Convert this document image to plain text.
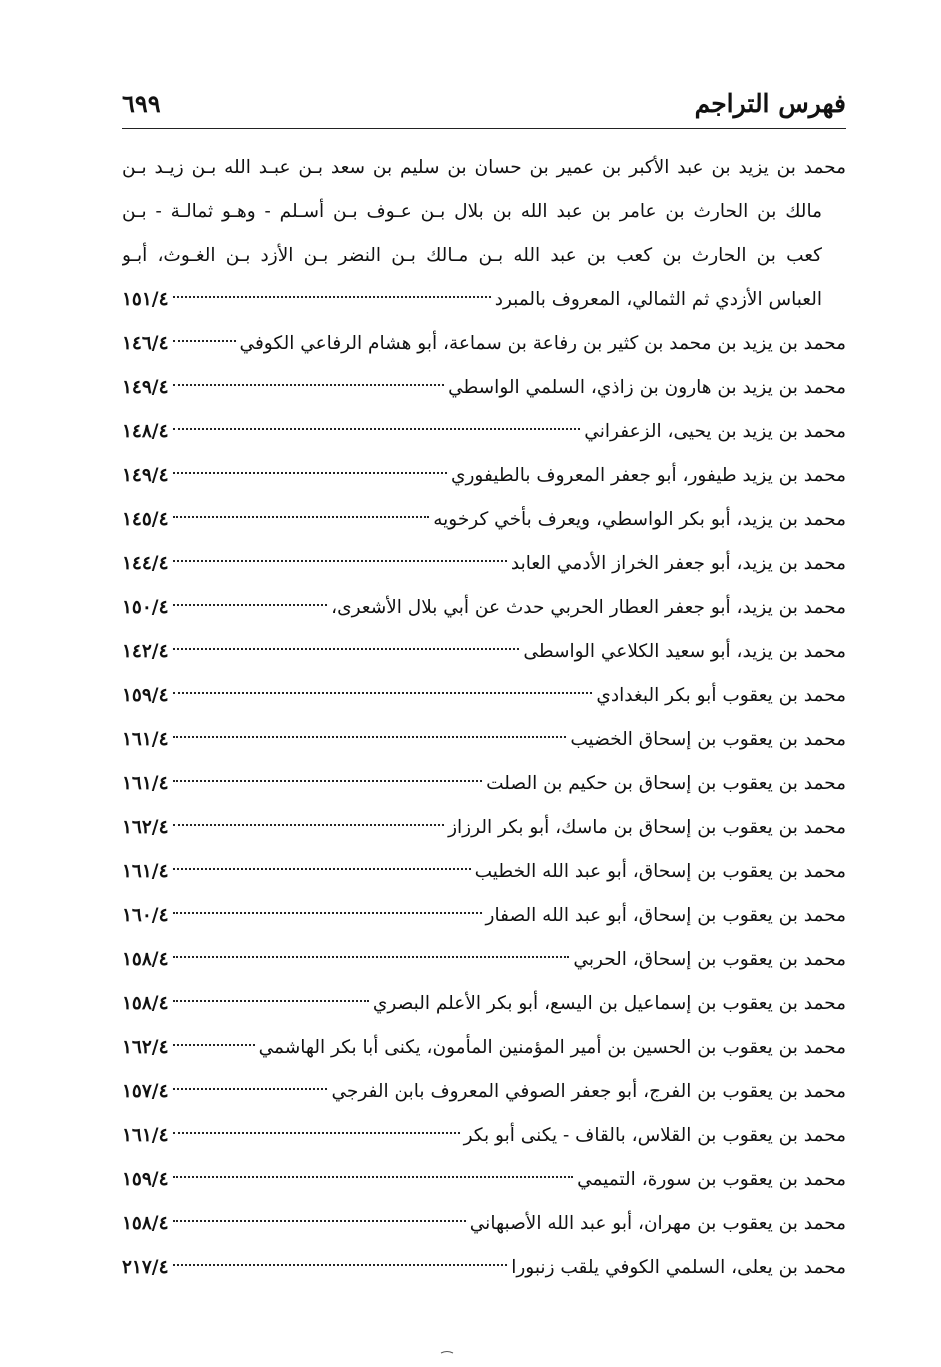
فهرس التراجم
٦٩٩
محمد بن يزيد بن عبد الأكبر بن عمير بن حسان بن سليم بن سعد بـن عبـد الله بـن زيـد بـن
مالك بن الحارث بن عامر بن عبد الله بن بلال بـن عـوف بـن أسـلم - وهـو ثمالـة - بـن
كعب بن الحارث بن كعب بن عبد الله بـن مـالك بـن النضر بـن الأزد بـن الغـوث، أبـو
العباس الأزدي ثم الثمالي، المعروف بالمبرد
١٥١/٤
محمد بن يزيد بن محمد بن كثير بن رفاعة بن سماعة، أبو هشام الرفاعي الكوفي
١٤٦/٤
محمد بن يزيد بن هارون بن زاذي، السلمي الواسطي
١٤٩/٤
محمد بن يزيد بن يحيى، الزعفراني
١٤٨/٤
محمد بن يزيد طيفور، أبو جعفر المعروف بالطيفوري
١٤٩/٤
محمد بن يزيد، أبو بكر الواسطي، ويعرف بأخي كرخويه
١٤٥/٤
محمد بن يزيد، أبو جعفر الخراز الأدمي العابد
١٤٤/٤
محمد بن يزيد، أبو جعفر العطار الحربي حدث عن أبي بلال الأشعرى،
١٥٠/٤
محمد بن يزيد، أبو سعيد الكلاعي الواسطى
١٤٢/٤
محمد بن يعقوب أبو بكر البغدادي
١٥٩/٤
محمد بن يعقوب بن إسحاق الخضيب
١٦١/٤
محمد بن يعقوب بن إسحاق بن حكيم بن الصلت
١٦١/٤
محمد بن يعقوب بن إسحاق بن ماسك، أبو بكر الرزاز
١٦٢/٤
محمد بن يعقوب بن إسحاق، أبو عبد الله الخطيب
١٦١/٤
محمد بن يعقوب بن إسحاق، أبو عبد الله الصفار
١٦٠/٤
محمد بن يعقوب بن إسحاق، الحربي
١٥٨/٤
محمد بن يعقوب بن إسماعيل بن اليسع، أبو بكر الأعلم البصري
١٥٨/٤
محمد بن يعقوب بن الحسين بن أمير المؤمنين المأمون، يكنى أبا بكر الهاشمي
١٦٢/٤
محمد بن يعقوب بن الفرج، أبو جعفر الصوفي المعروف بابن الفرجي
١٥٧/٤
محمد بن يعقوب بن القلاس، بالقاف - يكنى أبو بكر
١٦١/٤
محمد بن يعقوب بن سورة، التميمي
١٥٩/٤
محمد بن يعقوب بن مهران، أبو عبد الله الأصبهاني
١٥٨/٤
محمد بن يعلى، السلمي الكوفي يلقب زنبورا
٢١٧/٤
